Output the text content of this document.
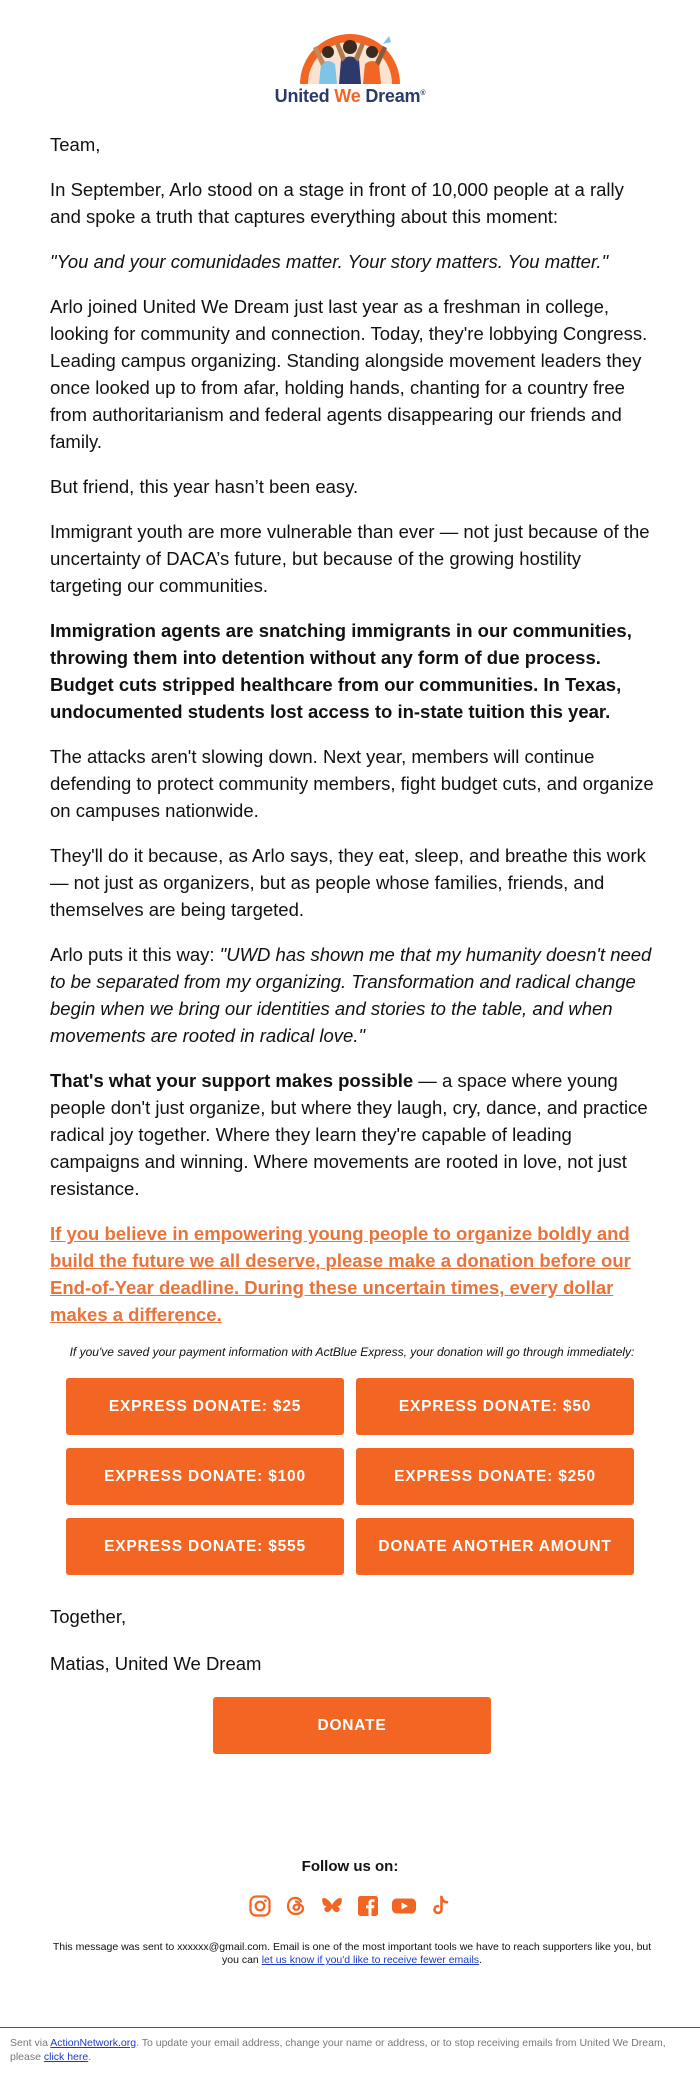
United We Dream®

Team,

In September, Arlo stood on a stage in front of 10,000 people at a rally and spoke a truth that captures everything about this moment:

"You and your comunidades matter. Your story matters. You matter."

Arlo joined United We Dream just last year as a freshman in college, looking for community and connection. Today, they're lobbying Congress. Leading campus organizing. Standing alongside movement leaders they once looked up to from afar, holding hands, chanting for a country free from authoritarianism and federal agents disappearing our friends and family.

But friend, this year hasn’t been easy.

Immigrant youth are more vulnerable than ever — not just because of the uncertainty of DACA’s future, but because of the growing hostility targeting our communities.

Immigration agents are snatching immigrants in our communities, throwing them into detention without any form of due process. Budget cuts stripped healthcare from our communities. In Texas, undocumented students lost access to in-state tuition this year.

The attacks aren't slowing down. Next year, members will continue defending to protect community members, fight budget cuts, and organize on campuses nationwide.

They'll do it because, as Arlo says, they eat, sleep, and breathe this work — not just as organizers, but as people whose families, friends, and themselves are being targeted.

Arlo puts it this way: "UWD has shown me that my humanity doesn't need to be separated from my organizing. Transformation and radical change begin when we bring our identities and stories to the table, and when movements are rooted in radical love."

That's what your support makes possible — a space where young people don't just organize, but where they laugh, cry, dance, and practice radical joy together. Where they learn they're capable of leading campaigns and winning. Where movements are rooted in love, not just resistance.

If you believe in empowering young people to organize boldly and build the future we all deserve, please make a donation before our End-of-Year deadline. During these uncertain times, every dollar makes a difference.

If you've saved your payment information with ActBlue Express, your donation will go through immediately:

EXPRESS DONATE: $25	EXPRESS DONATE: $50
EXPRESS DONATE: $100	EXPRESS DONATE: $250
EXPRESS DONATE: $555	DONATE ANOTHER AMOUNT

Together,

Matias, United We Dream

DONATE
Follow us on:
This message was sent to xxxxxx@gmail.com. Email is one of the most important tools we have to reach supporters like you, but you can let us know if you'd like to receive fewer emails.
Sent via ActionNetwork.org. To update your email address, change your name or address, or to stop receiving emails from United We Dream, please click here.
